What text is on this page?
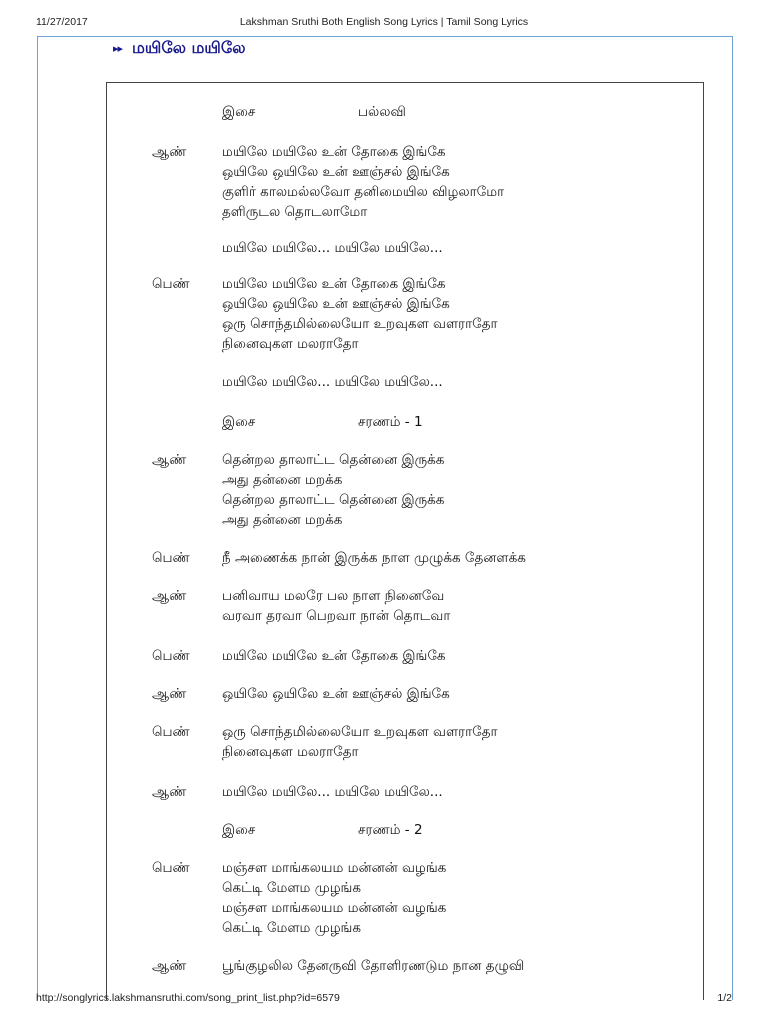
11/27/2017	Lakshman Sruthi Both English Song Lyrics | Tamil Song Lyrics
▸▸ மயிலே மயிலே
இசை	பல்லவி
ஆண்	மயிலே மயிலே உன் தோகை இங்கே
ஒயிலே ஒயிலே உன் ஊஞ்சல் இங்கே
குளிர் காலமல்லவோ தனிமையில விழலாமோ
தளிருடல தொடலாமோ
மயிலே மயிலே... மயிலே மயிலே...
பெண் மயிலே மயிலே உன் தோகை இங்கே
ஒயிலே ஒயிலே உன் ஊஞ்சல் இங்கே
ஒரு சொந்தமில்லையோ உறவுகள வளராதோ
நினைவுகள மலராதோ
மயிலே மயிலே... மயிலே மயிலே...
இசை	சரணம் - 1
ஆண்	தென்றல தாலாட்ட தென்னை இருக்க
அது தன்னை மறக்க
தென்றல தாலாட்ட தென்னை இருக்க
அது தன்னை மறக்க
பெண் நீ அணைக்க நான் இருக்க நாள முழுக்க தேனளக்க
ஆண்	பனிவாய மலரே பல நாள நினைவே
வரவா தரவா பெறவா நான் தொடவா
பெண் மயிலே மயிலே உன் தோகை இங்கே
ஆண்	ஒயிலே ஒயிலே உன் ஊஞ்சல் இங்கே
பெண் ஒரு சொந்தமில்லையோ உறவுகள வளராதோ
நினைவுகள மலராதோ
ஆண்	மயிலே மயிலே... மயிலே மயிலே...
இசை	சரணம் - 2
பெண் மஞ்சள மாங்கலயம மன்னன் வழங்க
கெட்டி மேளம முழங்க
மஞ்சள மாங்கலயம மன்னன் வழங்க
கெட்டி மேளம முழங்க
ஆண்	பூங்குழலில தேனருவி தோளிரணடும நான தழுவி
http://songlyrics.lakshmansruthi.com/song_print_list.php?id=6579	1/2
